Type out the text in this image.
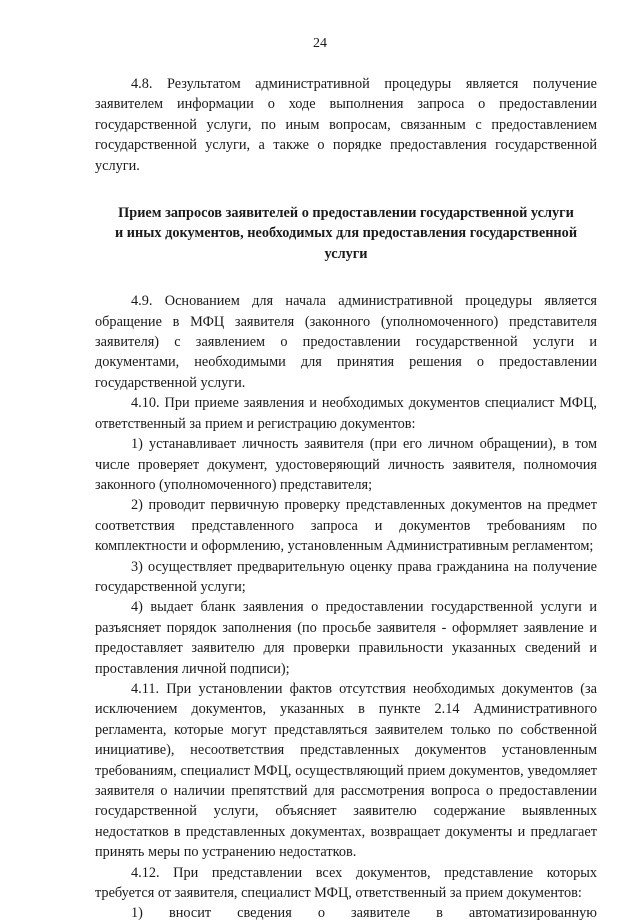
24

4.8. Результатом административной процедуры является получение заявителем информации о ходе выполнения запроса о предоставлении государственной услуги, по иным вопросам, связанным с предоставлением государственной услуги, а также о порядке предоставления государственной услуги.

Прием запросов заявителей о предоставлении государственной услуги и иных документов, необходимых для предоставления государственной услуги

4.9. Основанием для начала административной процедуры является обращение в МФЦ заявителя (законного (уполномоченного) представителя заявителя) с заявлением о предоставлении государственной услуги и документами, необходимыми для принятия решения о предоставлении государственной услуги.

4.10. При приеме заявления и необходимых документов специалист МФЦ, ответственный за прием и регистрацию документов:

1) устанавливает личность заявителя (при его личном обращении), в том числе проверяет документ, удостоверяющий личность заявителя, полномочия законного (уполномоченного) представителя;

2) проводит первичную проверку представленных документов на предмет соответствия представленного запроса и документов требованиям по комплектности и оформлению, установленным Административным регламентом;

3) осуществляет предварительную оценку права гражданина на получение государственной услуги;

4) выдает бланк заявления о предоставлении государственной услуги и разъясняет порядок заполнения (по просьбе заявителя - оформляет заявление и предоставляет заявителю для проверки правильности указанных сведений и проставления личной подписи);

4.11. При установлении фактов отсутствия необходимых документов (за исключением документов, указанных в пункте 2.14 Административного регламента, которые могут представляться заявителем только по собственной инициативе), несоответствия представленных документов установленным требованиям, специалист МФЦ, осуществляющий прием документов, уведомляет заявителя о наличии препятствий для рассмотрения вопроса о предоставлении государственной услуги, объясняет заявителю содержание выявленных недостатков в представленных документах, возвращает документы и предлагает принять меры по устранению недостатков.

4.12. При представлении всех документов, представление которых требуется от заявителя, специалист МФЦ, ответственный за прием документов:

1) вносит сведения о заявителе в автоматизированную
